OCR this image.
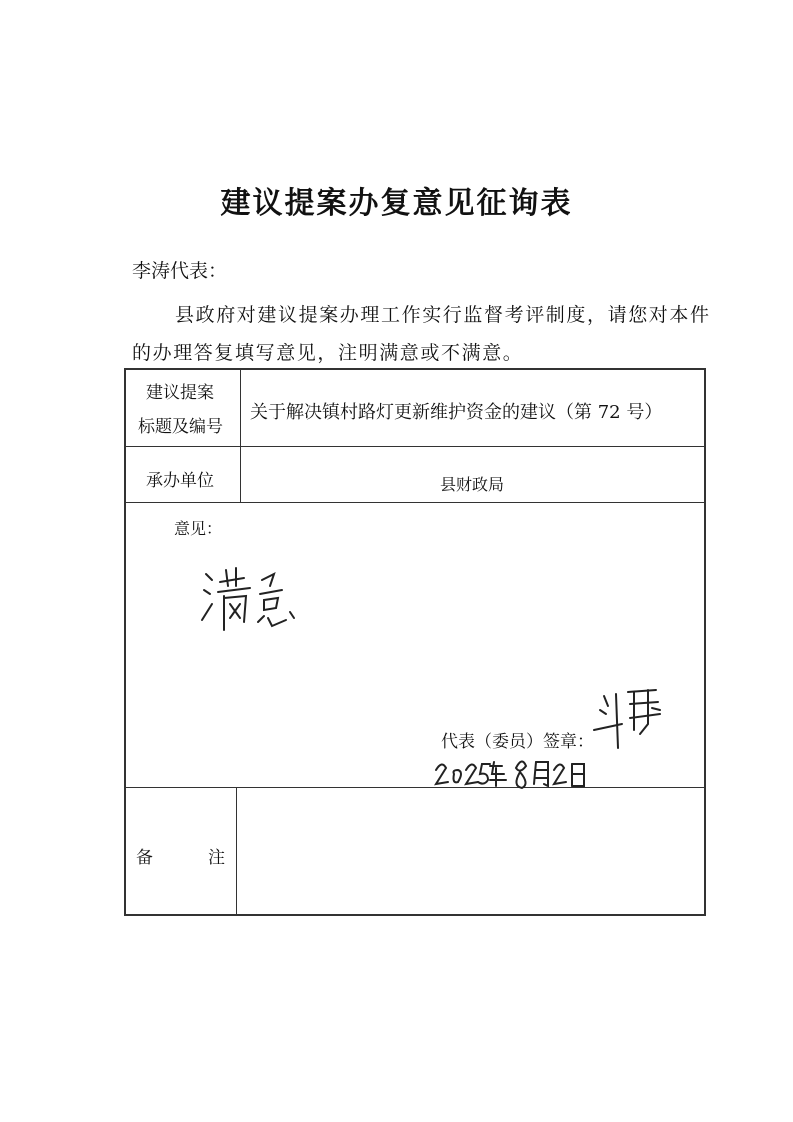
建议提案办复意见征询表
李涛代表：
县政府对建议提案办理工作实行监督考评制度，请您对本件
的办理答复填写意见，注明满意或不满意。
建议提案
标题及编号
关于解决镇村路灯更新维护资金的建议（第 72 号）
承办单位	县财政局
意见：
备	注
代表（委员）签章：
